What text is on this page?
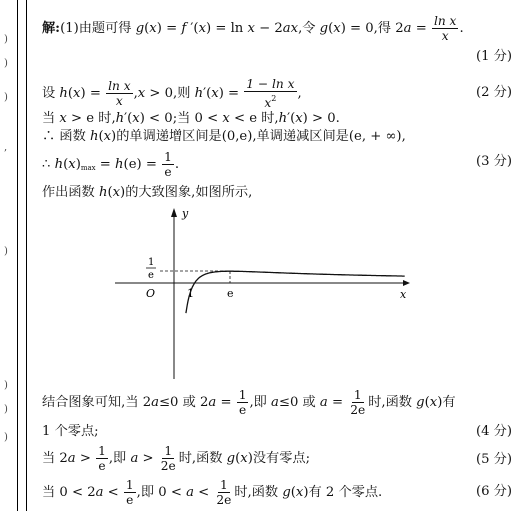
)
)
)
,
)
)
)
)
解:(1)由题可得 g(x) = f ′(x) = ln x − 2ax,令 g(x) = 0,得 $2a = \frac{\text{ln x}}{x}$ .
(1 分)
设 $h(x) = \frac{\text{ln x}}{x} ,x > 0$,则 $h'(x) = \frac{\text{1 − ln x}}{x^2}$ ,	(2 分)
当 x > e 时,h′(x) < 0;当 0 < x < e 时,h′(x) > 0.
∴ 函数 h(x)的单调递增区间是(0,e),单调递减区间是(e, + ∞),
∴ $h(x)_{max} = h(e) = \frac{1}{e}$ .	(3 分)
作出函数 h(x)的大致图象,如图所示,
y
x
O	1	e
1
e
结合图象可知,当 2a≤0 或 $2a = \frac{1}{e}$ ,即 a≤0 或 $a = \frac{1}{2e}$ 时,函数 g(x)有
1 个零点;	(4 分)
当 $2a > \frac{1}{e}$ ,即 $a > \frac{1}{2e}$ 时,函数 g(x)没有零点;	(5 分)
当 $0 < 2a < \frac{1}{e}$ ,即 $0 < a < \frac{1}{2e}$ 时,函数 g(x)有 2 个零点.	(6 分)
